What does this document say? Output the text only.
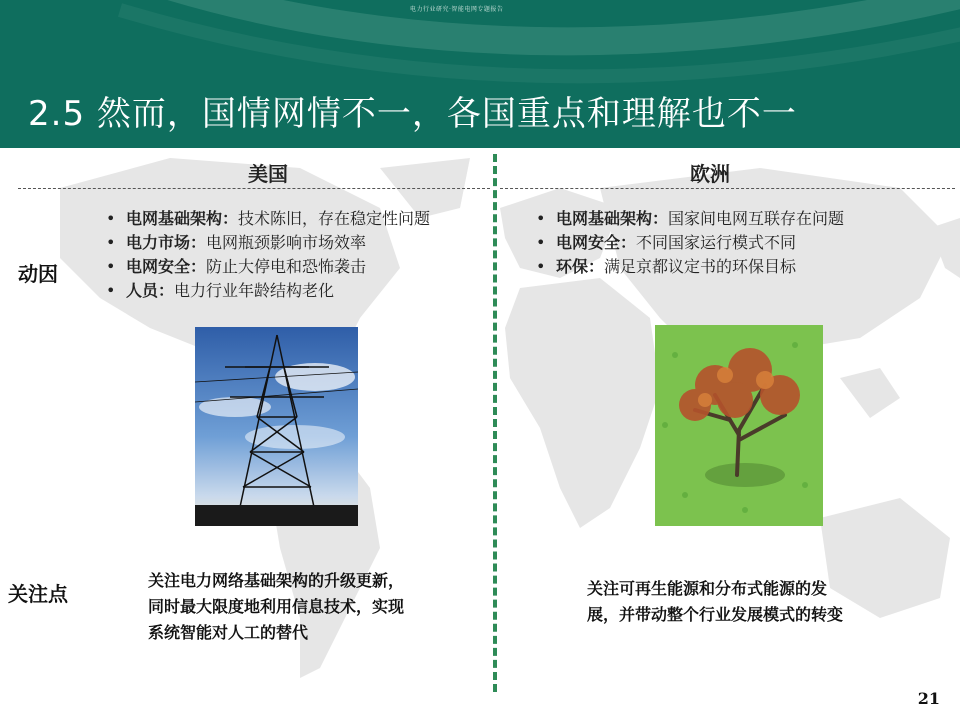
电力行业研究·智能电网专题报告
2.5 然而，国情网情不一，各国重点和理解也不一
美国	欧洲
动因
关注点
• 电网基础架构：技术陈旧，存在稳定性问题
• 电力市场：电网瓶颈影响市场效率
• 电网安全：防止大停电和恐怖袭击
• 人员：电力行业年龄结构老化
• 电网基础架构：国家间电网互联存在问题
• 电网安全：不同国家运行模式不同
• 环保：满足京都议定书的环保目标
关注电力网络基础架构的升级更新，同时最大限度地利用信息技术，实现系统智能对人工的替代
关注可再生能源和分布式能源的发展，并带动整个行业发展模式的转变
21
